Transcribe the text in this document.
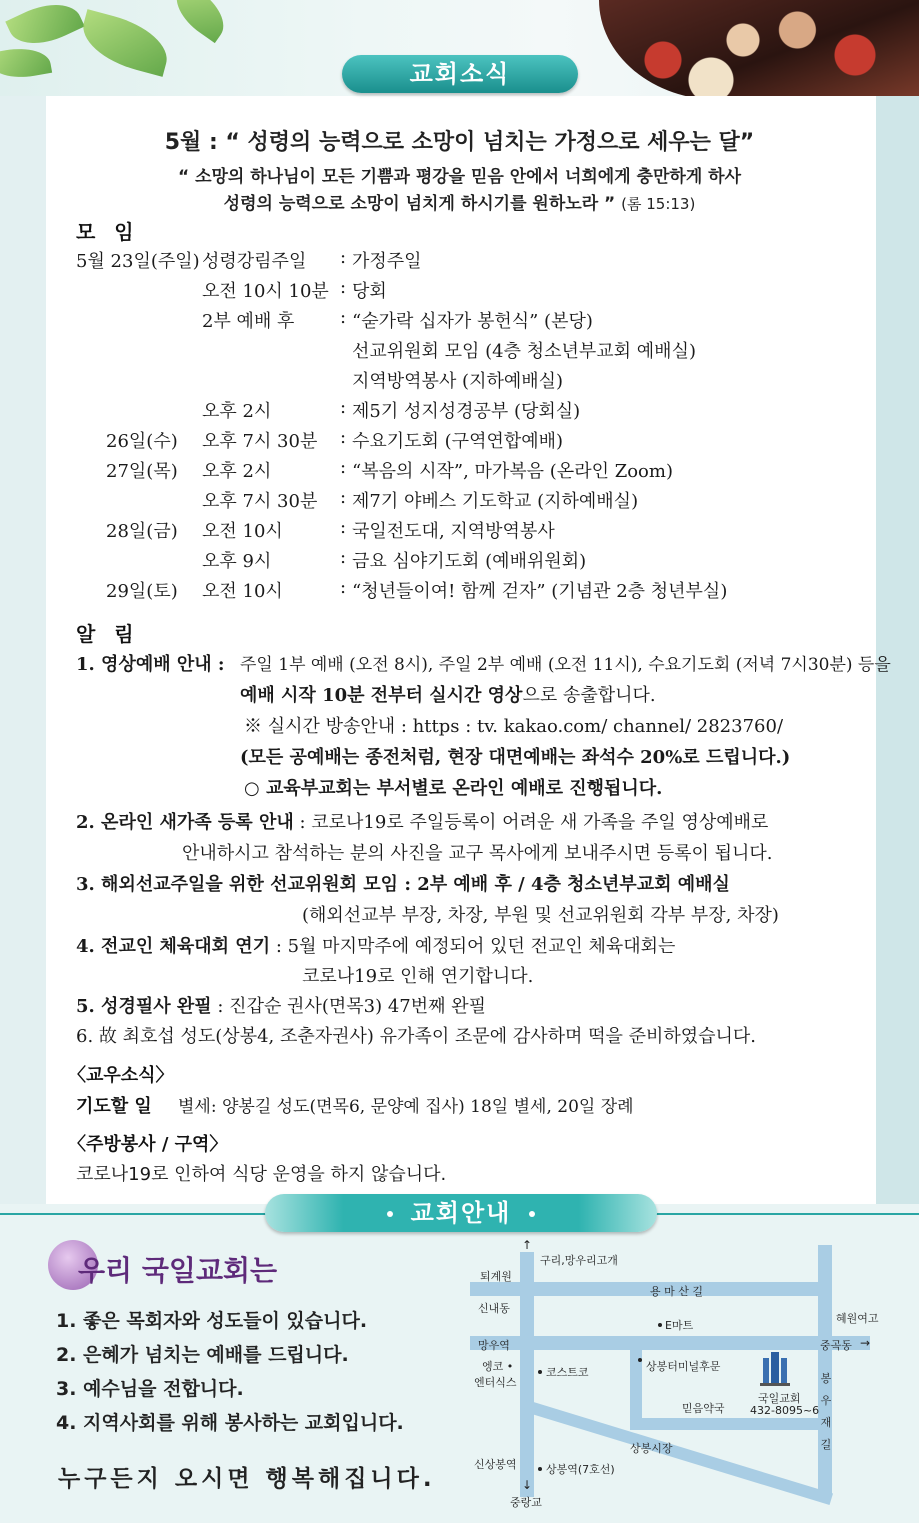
교회소식
5월 : “ 성령의 능력으로 소망이 넘치는 가정으로 세우는 달”
“ 소망의 하나님이 모든 기쁨과 평강을 믿음 안에서 너희에게 충만하게 하사
성령의 능력으로 소망이 넘치게 하시기를 원하노라 ” (롬 15:13)
모 임
5월 23일(주일) 성령강림주일 : 가정주일
오전 10시 10분 : 당회
2부 예배 후	: “숟가락 십자가 봉헌식” (본당)
선교위원회 모임 (4층 청소년부교회 예배실)
지역방역봉사 (지하예배실)
오후 2시	: 제5기 성지성경공부 (당회실)
26일(수) 오후 7시 30분 : 수요기도회 (구역연합예배)
27일(목) 오후 2시	: “복음의 시작”, 마가복음 (온라인 Zoom)
오후 7시 30분 : 제7기 야베스 기도학교 (지하예배실)
28일(금) 오전 10시	: 국일전도대, 지역방역봉사
오후 9시	: 금요 심야기도회 (예배위원회)
29일(토) 오전 10시	: “청년들이여! 함께 걷자” (기념관 2층 청년부실)
알 림
1. 영상예배 안내 : 주일 1부 예배 (오전 8시), 주일 2부 예배 (오전 11시), 수요기도회 (저녁 7시30분) 등을
예배 시작 10분 전부터 실시간 영상으로 송출합니다.
※ 실시간 방송안내 : https : tv. kakao.com/ channel/ 2823760/
(모든 공예배는 종전처럼, 현장 대면예배는 좌석수 20%로 드립니다.)
○ 교육부교회는 부서별로 온라인 예배로 진행됩니다.
2. 온라인 새가족 등록 안내 : 코로나19로 주일등록이 어려운 새 가족을 주일 영상예배로
안내하시고 참석하는 분의 사진을 교구 목사에게 보내주시면 등록이 됩니다.
3. 해외선교주일을 위한 선교위원회 모임 : 2부 예배 후 / 4층 청소년부교회 예배실
(해외선교부 부장, 차장, 부원 및 선교위원회 각부 부장, 차장)
4. 전교인 체육대회 연기 : 5월 마지막주에 예정되어 있던 전교인 체육대회는
코로나19로 인해 연기합니다.
5. 성경필사 완필 : 진갑순 권사(면목3) 47번째 완필
6. 故 최호섭 성도(상봉4, 조춘자권사) 유가족이 조문에 감사하며 떡을 준비하였습니다.
〈교우소식〉
기도할 일 별세: 양봉길 성도(면목6, 문양예 집사) 18일 별세, 20일 장례
〈주방봉사 / 구역〉
코로나19로 인하여 식당 운영을 하지 않습니다.
교회안내
우리 국일교회는
1. 좋은 목회자와 성도들이 있습니다.
2. 은혜가 넘치는 예배를 드립니다.
3. 예수님을 전합니다.
4. 지역사회를 위해 봉사하는 교회입니다.
누구든지 오시면 행복해집니다.
구리,망우리고개
↑
퇴계원
용 마 산 길
신내동
E마트
혜원여고
망우역	중곡동 →
엥코 •
엔터식스
코스트코	상봉터미널후문
국일교회
432-8095~6
믿음약국
상봉시장
신상봉역	상봉역(7호선)
↓
중랑교
봉
우
재
길
